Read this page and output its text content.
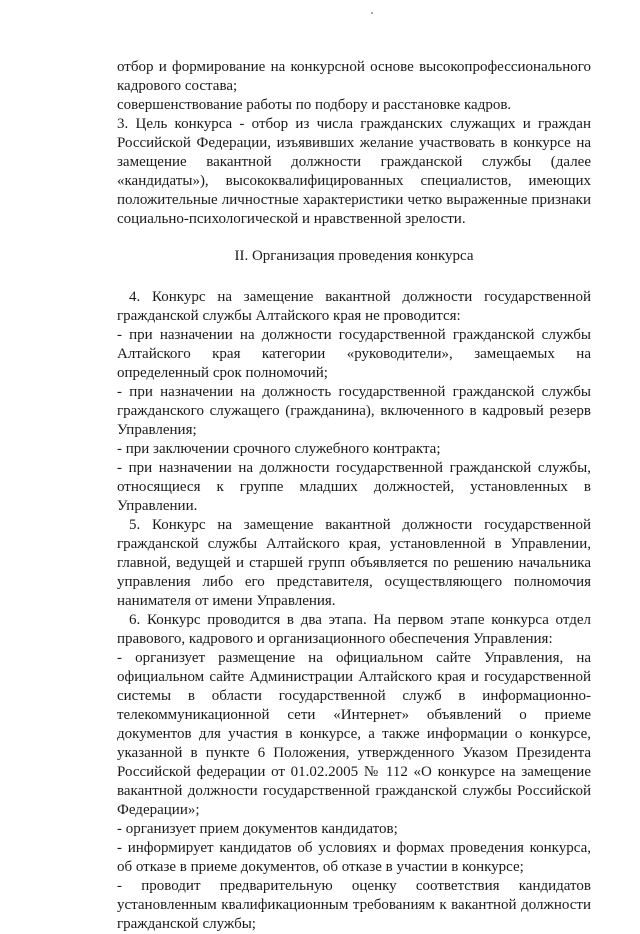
отбор и формирование на конкурсной основе высокопрофессионального кадрового состава;

совершенствование работы по подбору и расстановке кадров.

3. Цель конкурса - отбор из числа гражданских служащих и граждан Российской Федерации, изъявивших желание участвовать в конкурсе на замещение вакантной должности гражданской службы (далее «кандидаты»), высококвалифицированных специалистов, имеющих положительные личностные характеристики четко выраженные признаки социально-психологической и нравственной зрелости.

II. Организация проведения конкурса

4. Конкурс на замещение вакантной должности государственной гражданской службы Алтайского края не проводится:

- при назначении на должности государственной гражданской службы Алтайского края категории «руководители», замещаемых на определенный срок полномочий;

- при назначении на должность государственной гражданской службы гражданского служащего (гражданина), включенного в кадровый резерв Управления;

- при заключении срочного служебного контракта;

- при назначении на должности государственной гражданской службы, относящиеся к группе младших должностей, установленных в Управлении.

5. Конкурс на замещение вакантной должности государственной гражданской службы Алтайского края, установленной в Управлении, главной, ведущей и старшей групп объявляется по решению начальника управления либо его представителя, осуществляющего полномочия нанимателя от имени Управления.

6. Конкурс проводится в два этапа. На первом этапе конкурса отдел правового, кадрового и организационного обеспечения Управления:

- организует размещение на официальном сайте Управления, на официальном сайте Администрации Алтайского края и государственной системы в области государственной служб в информационно-телекоммуникационной сети «Интернет» объявлений о приеме документов для участия в конкурсе, а также информации о конкурсе, указанной в пункте 6 Положения, утвержденного Указом Президента Российской федерации от 01.02.2005 № 112 «О конкурсе на замещение вакантной должности государственной гражданской службы Российской Федерации»;

- организует прием документов кандидатов;

- информирует кандидатов об условиях и формах проведения конкурса, об отказе в приеме документов, об отказе в участии в конкурсе;

- проводит предварительную оценку соответствия кандидатов установленным квалификационным требованиям к вакантной должности гражданской службы;
